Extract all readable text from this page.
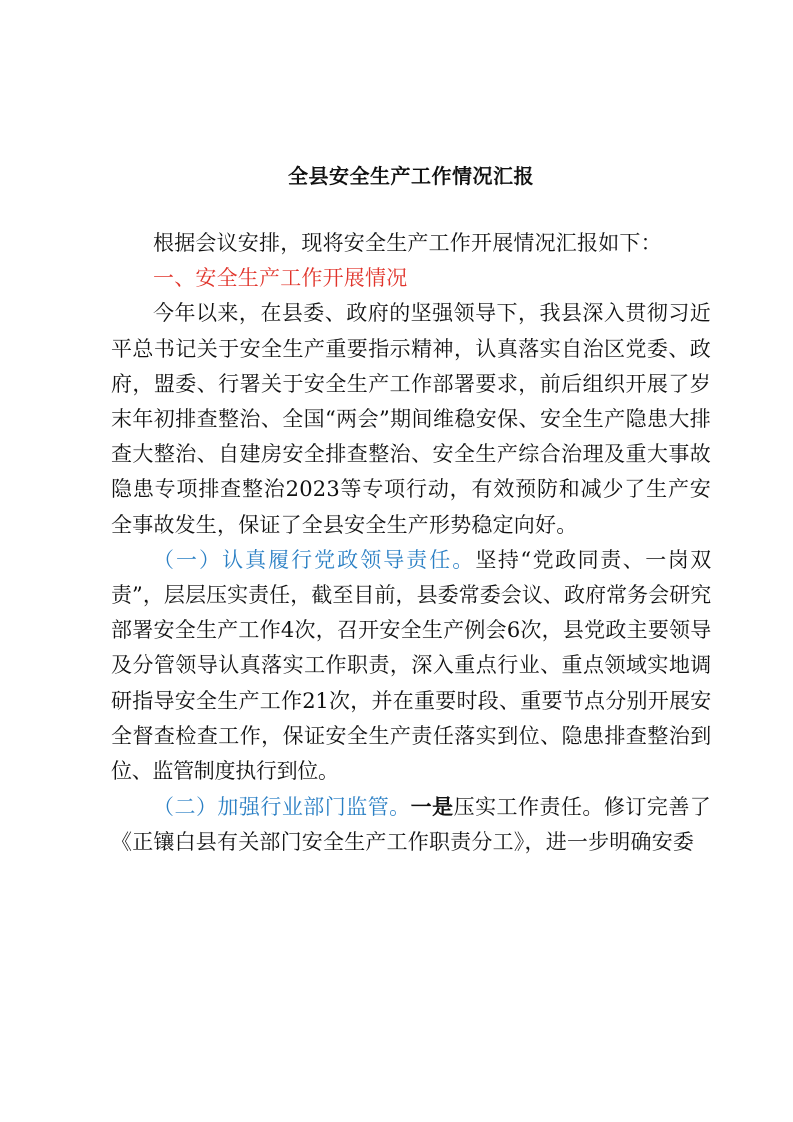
全县安全生产工作情况汇报

根据会议安排，现将安全生产工作开展情况汇报如下：

一、安全生产工作开展情况

今年以来，在县委、政府的坚强领导下，我县深入贯彻习近平总书记关于安全生产重要指示精神，认真落实自治区党委、政府，盟委、行署关于安全生产工作部署要求，前后组织开展了岁末年初排查整治、全国“两会”期间维稳安保、安全生产隐患大排查大整治、自建房安全排查整治、安全生产综合治理及重大事故隐患专项排查整治2023等专项行动，有效预防和减少了生产安全事故发生，保证了全县安全生产形势稳定向好。

（一）认真履行党政领导责任。坚持“党政同责、一岗双责”，层层压实责任，截至目前，县委常委会议、政府常务会研究部署安全生产工作4次，召开安全生产例会6次，县党政主要领导及分管领导认真落实工作职责，深入重点行业、重点领域实地调研指导安全生产工作21次，并在重要时段、重要节点分别开展安全督查检查工作，保证安全生产责任落实到位、隐患排查整治到位、监管制度执行到位。

（二）加强行业部门监管。一是压实工作责任。修订完善了《正镶白县有关部门安全生产工作职责分工》，进一步明确安委
